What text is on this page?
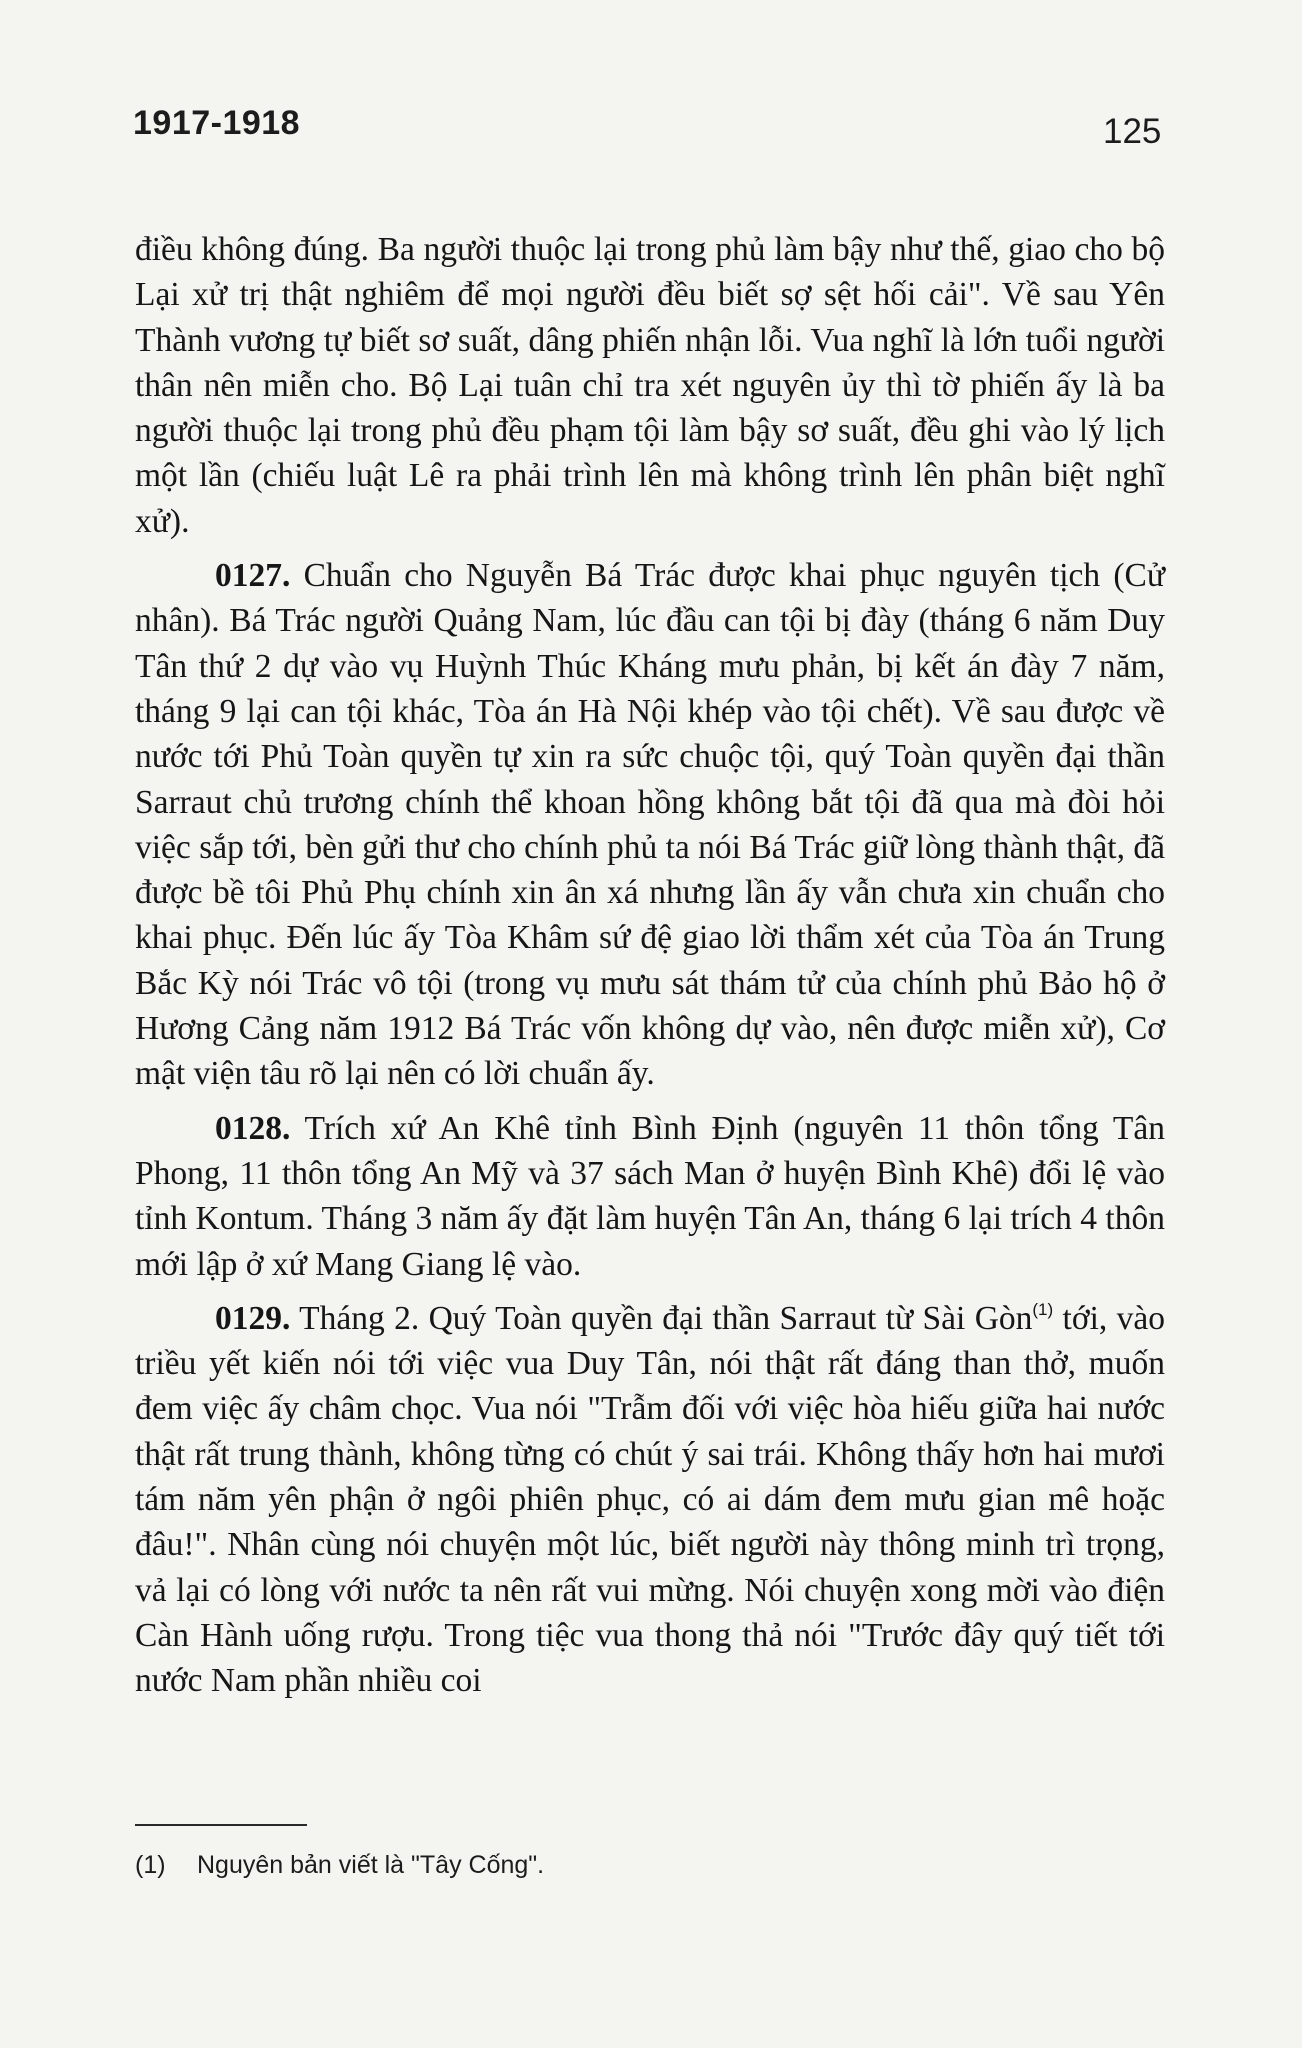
1917-1918	125

điều không đúng. Ba người thuộc lại trong phủ làm bậy như thế, giao cho bộ Lại xử trị thật nghiêm để mọi người đều biết sợ sệt hối cải". Về sau Yên Thành vương tự biết sơ suất, dâng phiến nhận lỗi. Vua nghĩ là lớn tuổi người thân nên miễn cho. Bộ Lại tuân chỉ tra xét nguyên ủy thì tờ phiến ấy là ba người thuộc lại trong phủ đều phạm tội làm bậy sơ suất, đều ghi vào lý lịch một lần (chiếu luật Lê ra phải trình lên mà không trình lên phân biệt nghĩ xử).

0127. Chuẩn cho Nguyễn Bá Trác được khai phục nguyên tịch (Cử nhân). Bá Trác người Quảng Nam, lúc đầu can tội bị đày (tháng 6 năm Duy Tân thứ 2 dự vào vụ Huỳnh Thúc Kháng mưu phản, bị kết án đày 7 năm, tháng 9 lại can tội khác, Tòa án Hà Nội khép vào tội chết). Về sau được về nước tới Phủ Toàn quyền tự xin ra sức chuộc tội, quý Toàn quyền đại thần Sarraut chủ trương chính thể khoan hồng không bắt tội đã qua mà đòi hỏi việc sắp tới, bèn gửi thư cho chính phủ ta nói Bá Trác giữ lòng thành thật, đã được bề tôi Phủ Phụ chính xin ân xá nhưng lần ấy vẫn chưa xin chuẩn cho khai phục. Đến lúc ấy Tòa Khâm sứ đệ giao lời thẩm xét của Tòa án Trung Bắc Kỳ nói Trác vô tội (trong vụ mưu sát thám tử của chính phủ Bảo hộ ở Hương Cảng năm 1912 Bá Trác vốn không dự vào, nên được miễn xử), Cơ mật viện tâu rõ lại nên có lời chuẩn ấy.

0128. Trích xứ An Khê tỉnh Bình Định (nguyên 11 thôn tổng Tân Phong, 11 thôn tổng An Mỹ và 37 sách Man ở huyện Bình Khê) đổi lệ vào tỉnh Kontum. Tháng 3 năm ấy đặt làm huyện Tân An, tháng 6 lại trích 4 thôn mới lập ở xứ Mang Giang lệ vào.

0129. Tháng 2. Quý Toàn quyền đại thần Sarraut từ Sài Gòn$^{(1)}$ tới, vào triều yết kiến nói tới việc vua Duy Tân, nói thật rất đáng than thở, muốn đem việc ấy châm chọc. Vua nói "Trẫm đối với việc hòa hiếu giữa hai nước thật rất trung thành, không từng có chút ý sai trái. Không thấy hơn hai mươi tám năm yên phận ở ngôi phiên phục, có ai dám đem mưu gian mê hoặc đâu!". Nhân cùng nói chuyện một lúc, biết người này thông minh trì trọng, vả lại có lòng với nước ta nên rất vui mừng. Nói chuyện xong mời vào điện Càn Hành uống rượu. Trong tiệc vua thong thả nói "Trước đây quý tiết tới nước Nam phần nhiều coi

(1) Nguyên bản viết là "Tây Cống".
